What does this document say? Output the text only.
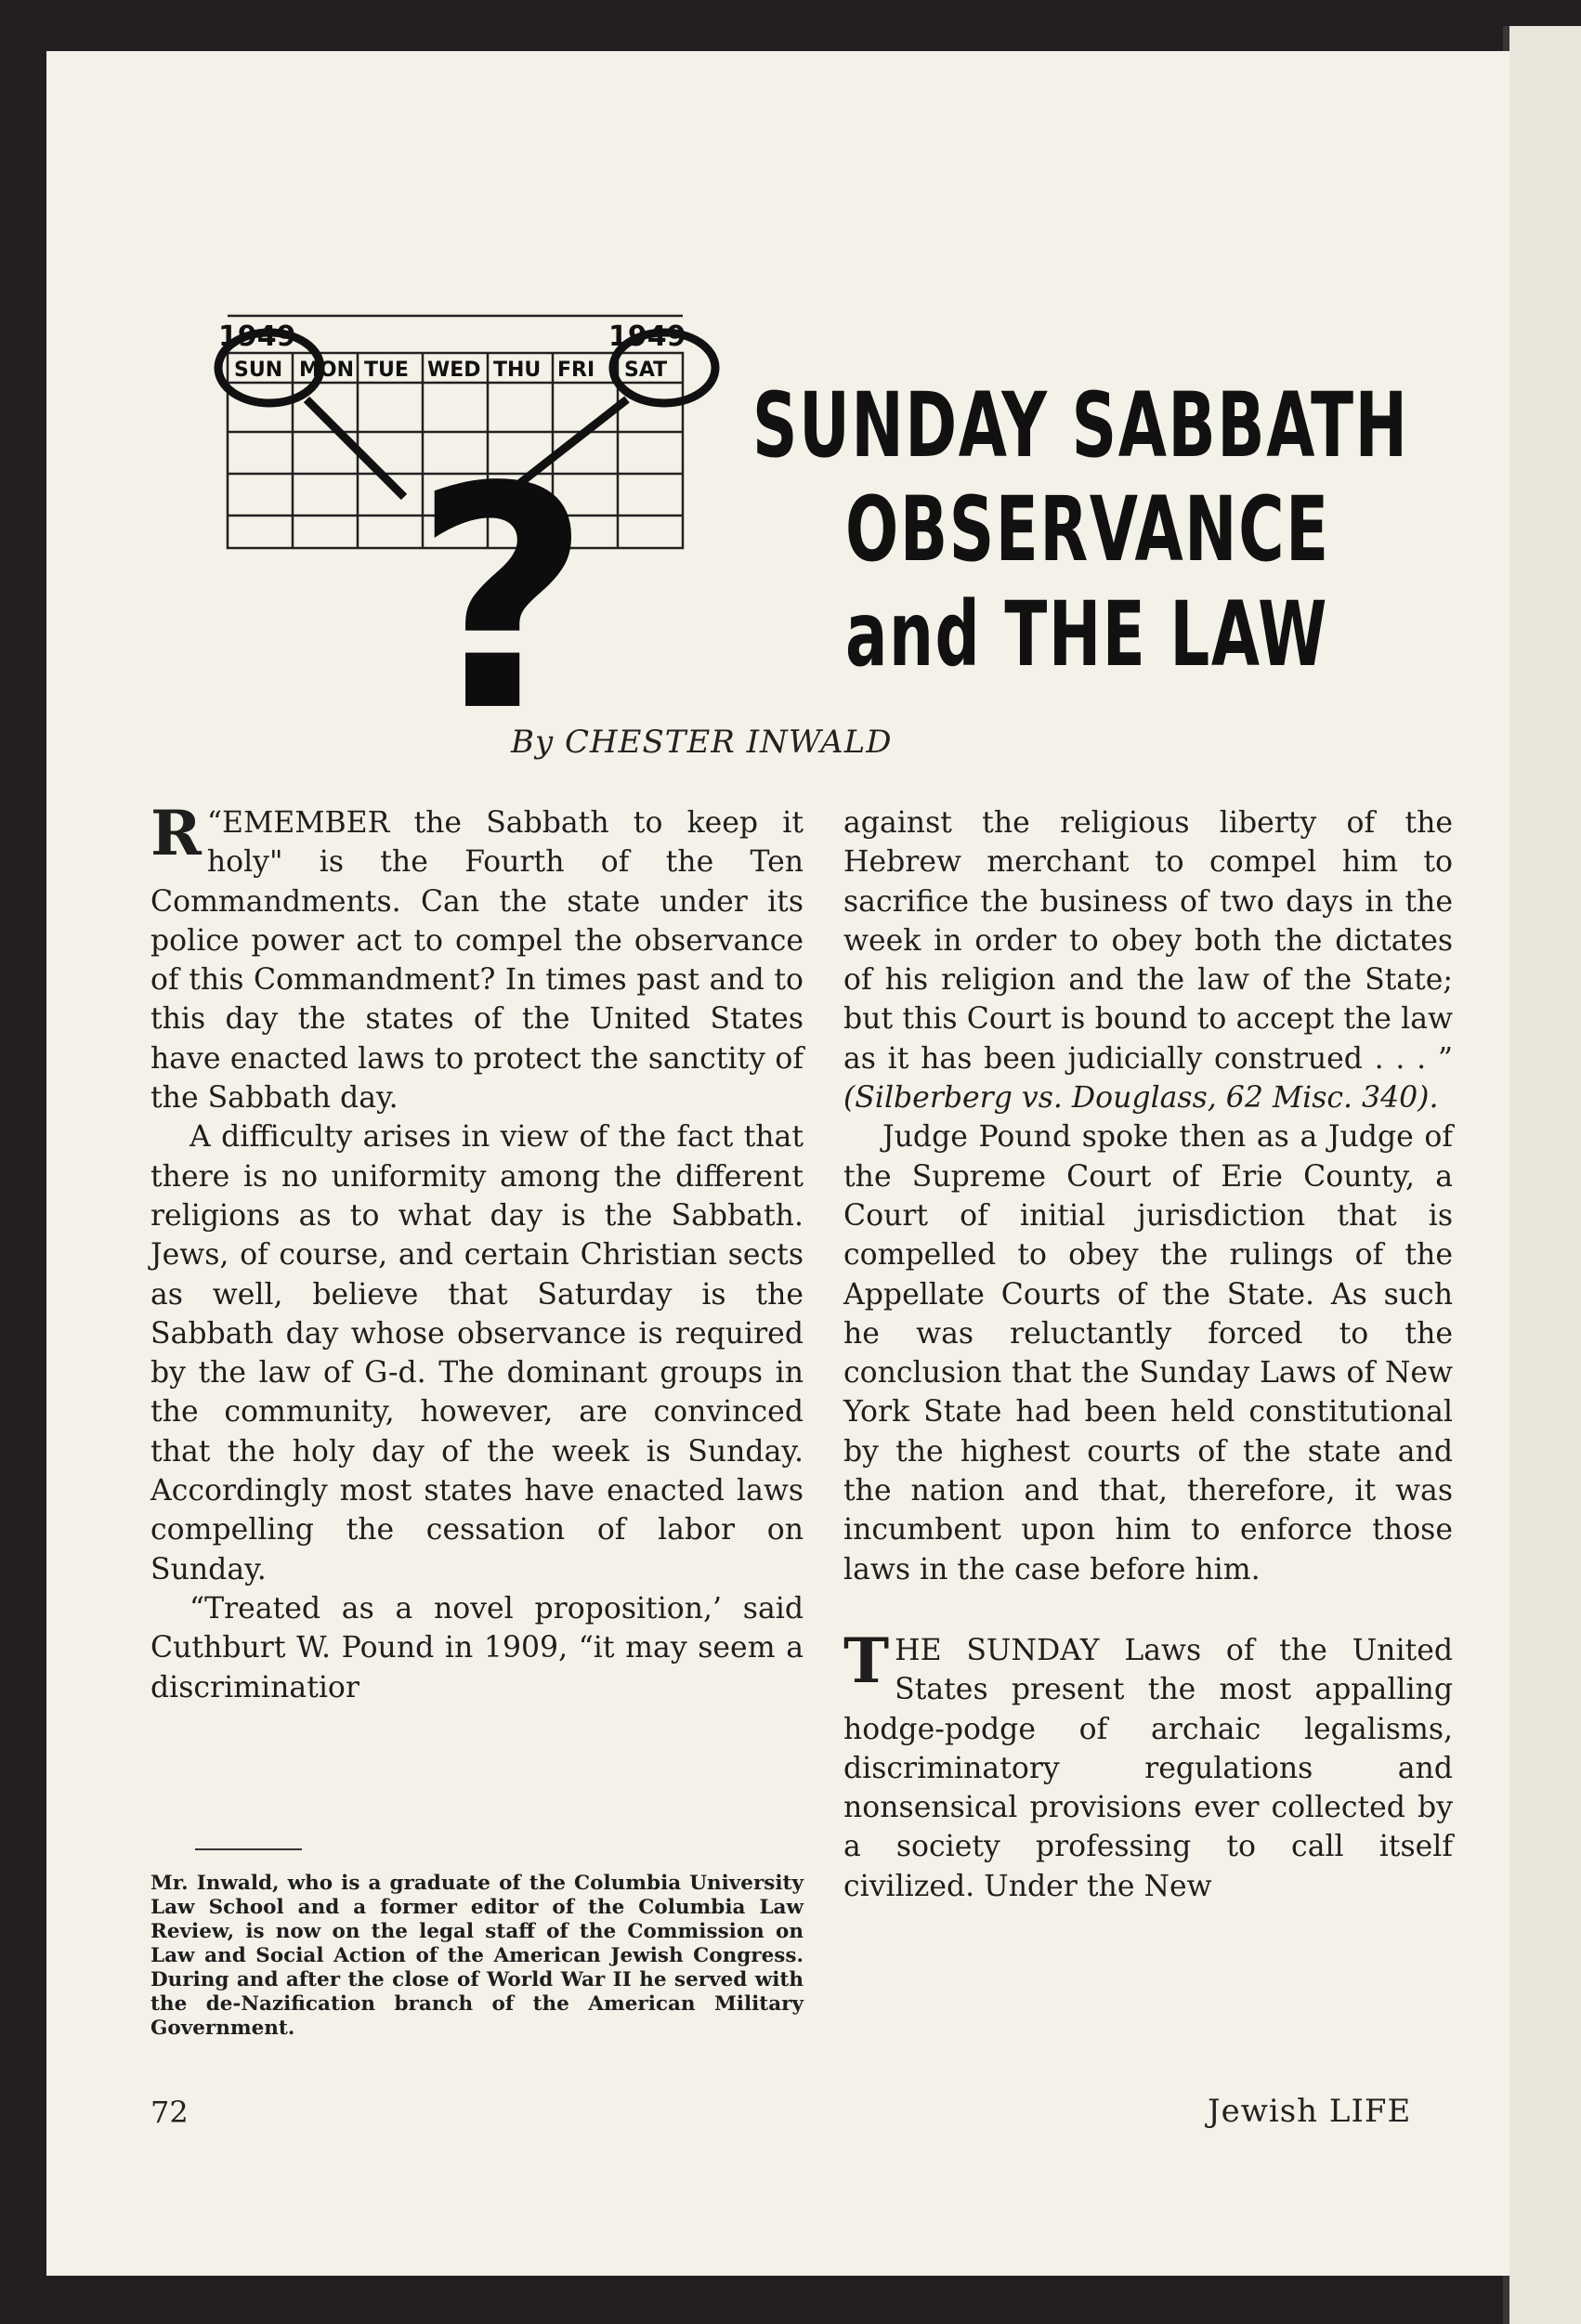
SUN MON TUE WED THU FRI SAT
1949	1949
? SUNDAY SABBATH
OBSERVANCE
and THE LAW
By CHESTER INWALD

“
R EMEMBER the Sabbath to keep it holy" is the Fourth of the Ten Commandments. Can the state under its police power act to compel the observance of this Commandment? In times past and to this day the states of the United States have enacted laws to protect the sanctity of the Sabbath day.

A difficulty arises in view of the fact that there is no uniformity among the different religions as to what day is the Sabbath. Jews, of course, and certain Christian sects as well, believe that Saturday is the Sabbath day whose observance is required by the law of G-d. The dominant groups in the community, however, are convinced that the holy day of the week is Sunday. Accordingly most states have enacted laws compelling the cessation of labor on Sunday.

“Treated as a novel proposition,’ said Cuthburt W. Pound in 1909, “it may seem a discriminatior

Mr. Inwald, who is a graduate of the Columbia University Law School and a former editor of the Columbia Law Review, is now on the legal staff of the Commission on Law and Social Action of the American Jewish Congress. During and after the close of World War II he served with the de-Nazification branch of the American Military Government.

against the religious liberty of the Hebrew merchant to compel him to sacrifice the business of two days in the week in order to obey both the dictates of his religion and the law of the State; but this Court is bound to accept the law as it has been judicially construed . . . ” (Silberberg vs. Douglass, 62 Misc. 340).

Judge Pound spoke then as a Judge of the Supreme Court of Erie County, a Court of initial jurisdiction that is compelled to obey the rulings of the Appellate Courts of the State. As such he was reluctantly forced to the conclusion that the Sunday Laws of New York State had been held constitutional by the highest courts of the state and the nation and that, therefore, it was incumbent upon him to enforce those laws in the case before him.

THE SUNDAY Laws of the United States present the most appalling hodge-podge of archaic legalisms, discriminatory regulations and nonsensical provisions ever collected by a society professing to call itself civilized. Under the New

72	Jewish LIFE
